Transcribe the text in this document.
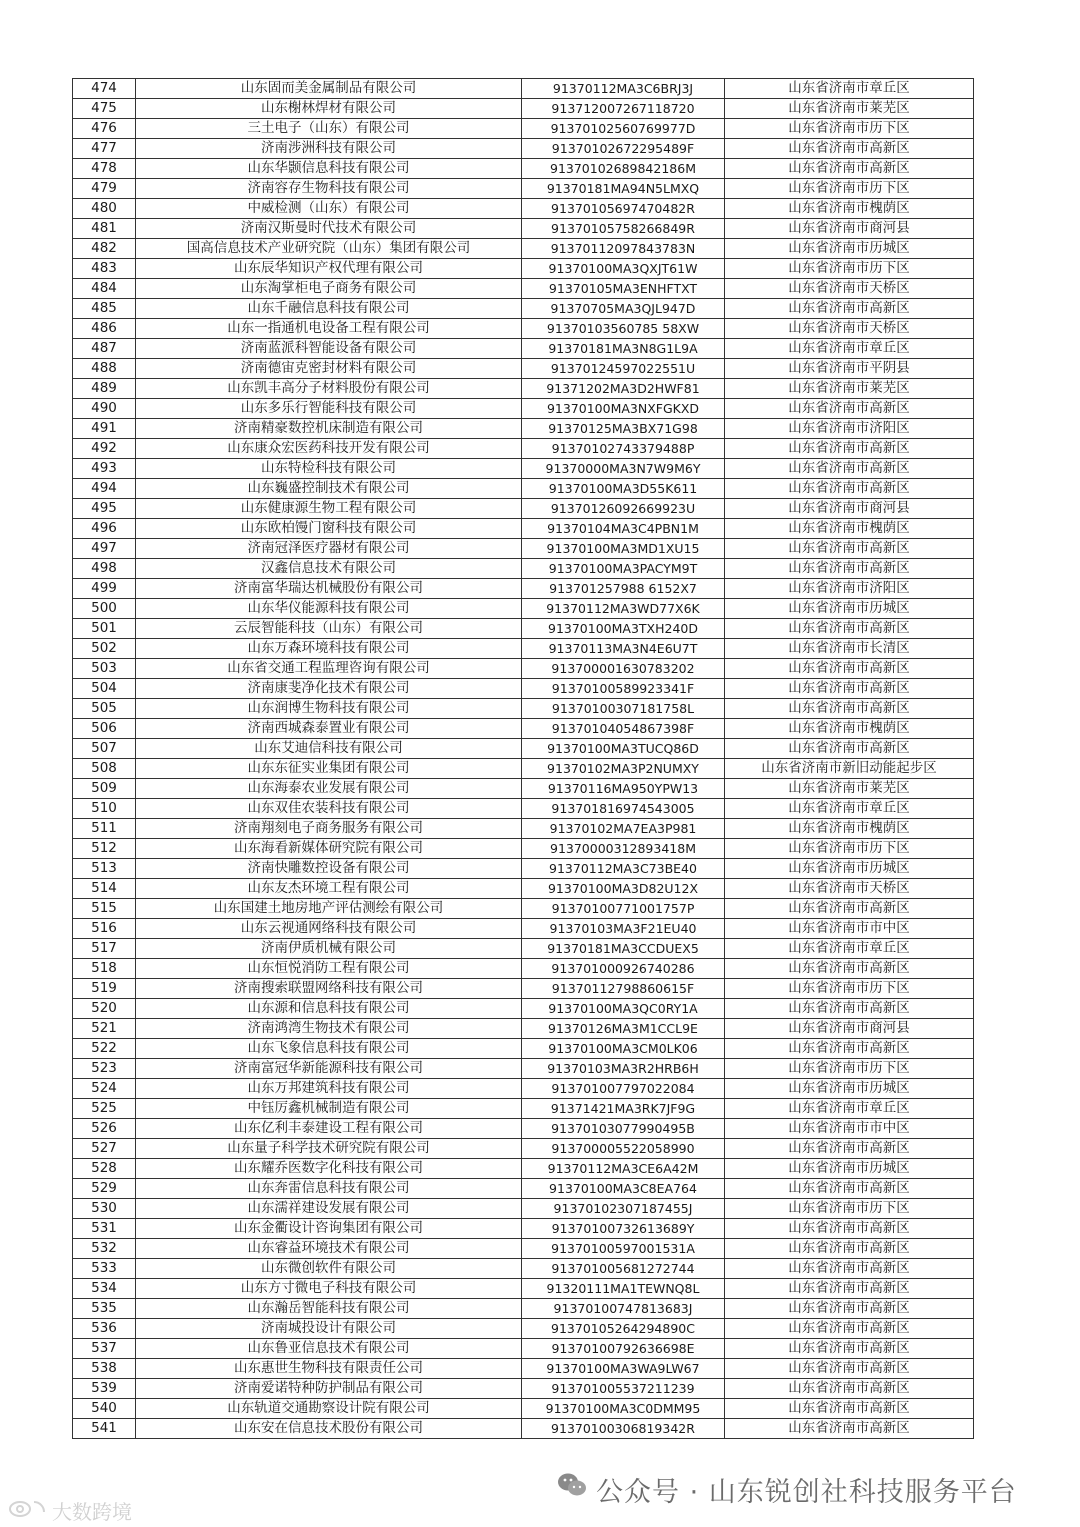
474	山东固而美金属制品有限公司	91370112MA3C6BRJ3J	山东省济南市章丘区
475	山东榭林焊材有限公司	913712007267118720	山东省济南市莱芜区
476	三土电子（山东）有限公司	91370102560769977D	山东省济南市历下区
477	济南涉洲科技有限公司	91370102672295489F	山东省济南市高新区
478	山东华颢信息科技有限公司	91370102689842186M	山东省济南市高新区
479	济南容存生物科技有限公司	91370181MA94N5LMXQ	山东省济南市历下区
480	中威检测（山东）有限公司	91370105697470482R	山东省济南市槐荫区
481	济南汉斯曼时代技术有限公司	91370105758266849R	山东省济南市商河县
482	国高信息技术产业研究院（山东）集团有限公司	91370112097843783N	山东省济南市历城区
483	山东辰华知识产权代理有限公司	91370100MA3QXJT61W	山东省济南市历下区
484	山东淘掌柜电子商务有限公司	91370105MA3ENHFTXT	山东省济南市天桥区
485	山东千融信息科技有限公司	91370705MA3QJL947D	山东省济南市高新区
486	山东一指通机电设备工程有限公司	91370103560785 58XW	山东省济南市天桥区
487	济南蓝派科智能设备有限公司	91370181MA3N8G1L9A	山东省济南市章丘区
488	济南德宙克密封材料有限公司	91370124597022551U	山东省济南市平阴县
489	山东凯丰高分子材料股份有限公司	91371202MA3D2HWF81	山东省济南市莱芜区
490	山东多乐行智能科技有限公司	91370100MA3NXFGKXD	山东省济南市高新区
491	济南精豪数控机床制造有限公司	91370125MA3BX71G98	山东省济南市济阳区
492	山东康众宏医药科技开发有限公司	91370102743379488P	山东省济南市高新区
493	山东特检科技有限公司	91370000MA3N7W9M6Y	山东省济南市高新区
494	山东巍盛控制技术有限公司	91370100MA3D55K611	山东省济南市高新区
495	山东健康源生物工程有限公司	91370126092669923U	山东省济南市商河县
496	山东欧柏馒门窗科技有限公司	91370104MA3C4PBN1M	山东省济南市槐荫区
497	济南冠泽医疗器材有限公司	91370100MA3MD1XU15	山东省济南市高新区
498	汉鑫信息技术有限公司	91370100MA3PACYM9T	山东省济南市高新区
499	济南富华瑞达机械股份有限公司	913701257988 6152X7	山东省济南市济阳区
500	山东华仪能源科技有限公司	91370112MA3WD77X6K	山东省济南市历城区
501	云辰智能科技（山东）有限公司	91370100MA3TXH240D	山东省济南市高新区
502	山东万森环境科技有限公司	91370113MA3N4E6U7T	山东省济南市长清区
503	山东省交通工程监理咨询有限公司	913700001630783202	山东省济南市高新区
504	济南康斐净化技术有限公司	91370100589923341F	山东省济南市高新区
505	山东润博生物科技有限公司	91370100307181758L	山东省济南市高新区
506	济南西城森泰置业有限公司	91370104054867398F	山东省济南市槐荫区
507	山东艾迪信科技有限公司	91370100MA3TUCQ86D	山东省济南市高新区
508	山东东征实业集团有限公司	91370102MA3P2NUMXY	山东省济南市新旧动能起步区
509	山东海泰农业发展有限公司	91370116MA950YPW13	山东省济南市莱芜区
510	山东双佳农装科技有限公司	913701816974543005	山东省济南市章丘区
511	济南翔刻电子商务服务有限公司	91370102MA7EA3P981	山东省济南市槐荫区
512	山东海看新媒体研究院有限公司	91370000312893418M	山东省济南市历下区
513	济南快雕数控设备有限公司	91370112MA3C73BE40	山东省济南市历城区
514	山东友杰环境工程有限公司	91370100MA3D82U12X	山东省济南市天桥区
515	山东国建土地房地产评估测绘有限公司	91370100771001757P	山东省济南市高新区
516	山东云视通网络科技有限公司	91370103MA3F21EU40	山东省济南市市中区
517	济南伊质机械有限公司	91370181MA3CCDUEX5	山东省济南市章丘区
518	山东恒悦消防工程有限公司	913701000926740286	山东省济南市高新区
519	济南搜索联盟网络科技有限公司	91370112798860615F	山东省济南市历下区
520	山东源和信息科技有限公司	91370100MA3QC0RY1A	山东省济南市高新区
521	济南鸿湾生物技术有限公司	91370126MA3M1CCL9E	山东省济南市商河县
522	山东飞象信息科技有限公司	91370100MA3CM0LK06	山东省济南市高新区
523	济南富冠华新能源科技有限公司	91370103MA3R2HRB6H	山东省济南市历下区
524	山东万邦建筑科技有限公司	913701007797022084	山东省济南市历城区
525	中钰厉鑫机械制造有限公司	91371421MA3RK7JF9G	山东省济南市章丘区
526	山东亿利丰泰建设工程有限公司	91370103077990495B	山东省济南市市中区
527	山东量子科学技术研究院有限公司	913700005522058990	山东省济南市高新区
528	山东耀乔医数字化科技有限公司	91370112MA3CE6A42M	山东省济南市历城区
529	山东奔雷信息科技有限公司	91370100MA3C8EA764	山东省济南市高新区
530	山东濡祥建设发展有限公司	91370102307187455J	山东省济南市历下区
531	山东金衢设计咨询集团有限公司	91370100732613689Y	山东省济南市高新区
532	山东睿益环境技术有限公司	91370100597001531A	山东省济南市高新区
533	山东微创软件有限公司	913701005681272744	山东省济南市高新区
534	山东方寸微电子科技有限公司	91320111MA1TEWNQ8L	山东省济南市高新区
535	山东瀚岳智能科技有限公司	91370100747813683J	山东省济南市高新区
536	济南城投设计有限公司	91370105264294890C	山东省济南市高新区
537	山东鲁亚信息技术有限公司	91370100792636698E	山东省济南市高新区
538	山东惠世生物科技有限责任公司	91370100MA3WA9LW67	山东省济南市高新区
539	济南爱诺特种防护制品有限公司	913701005537211239	山东省济南市高新区
540	山东轨道交通勘察设计院有限公司	91370100MA3C0DMM95	山东省济南市高新区
541	山东安在信息技术股份有限公司	91370100306819342R	山东省济南市高新区
公众号 · 山东锐创社科技服务平台
大数跨境
